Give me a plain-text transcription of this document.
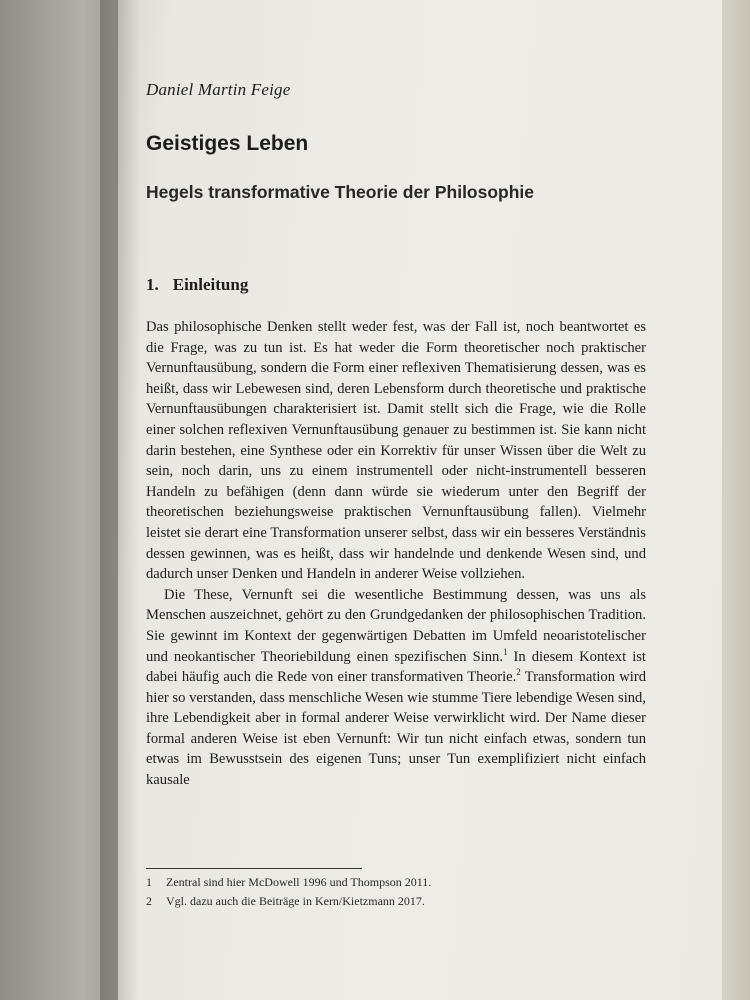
Daniel Martin Feige

Geistiges Leben
Hegels transformative Theorie der Philosophie
1. Einleitung

Das philosophische Denken stellt weder fest, was der Fall ist, noch beantwortet es die Frage, was zu tun ist. Es hat weder die Form theoretischer noch praktischer Vernunftausübung, sondern die Form einer reflexiven Thematisierung dessen, was es heißt, dass wir Lebewesen sind, deren Lebensform durch theoretische und praktische Vernunftausübungen charakterisiert ist. Damit stellt sich die Frage, wie die Rolle einer solchen reflexiven Vernunftausübung genauer zu bestimmen ist. Sie kann nicht darin bestehen, eine Synthese oder ein Korrektiv für unser Wissen über die Welt zu sein, noch darin, uns zu einem instrumentell oder nicht-instrumentell besseren Handeln zu befähigen (denn dann würde sie wiederum unter den Begriff der theoretischen beziehungsweise praktischen Vernunftausübung fallen). Vielmehr leistet sie derart eine Transformation unserer selbst, dass wir ein besseres Verständnis dessen gewinnen, was es heißt, dass wir handelnde und denkende Wesen sind, und dadurch unser Denken und Handeln in anderer Weise vollziehen.

Die These, Vernunft sei die wesentliche Bestimmung dessen, was uns als Menschen auszeichnet, gehört zu den Grundgedanken der philosophischen Tradition. Sie gewinnt im Kontext der gegenwärtigen Debatten im Umfeld neoaristotelischer und neokantischer Theoriebildung einen spezifischen Sinn.$^1$ In diesem Kontext ist dabei häufig auch die Rede von einer transformativen Theorie.$^2$ Transformation wird hier so verstanden, dass menschliche Wesen wie stumme Tiere lebendige Wesen sind, ihre Lebendigkeit aber in formal anderer Weise verwirklicht wird. Der Name dieser formal anderen Weise ist eben Vernunft: Wir tun nicht einfach etwas, sondern tun etwas im Bewusstsein des eigenen Tuns; unser Tun exemplifiziert nicht einfach kausale

1	Zentral sind hier McDowell 1996 und Thompson 2011.
2	Vgl. dazu auch die Beiträge in Kern/Kietzmann 2017.
